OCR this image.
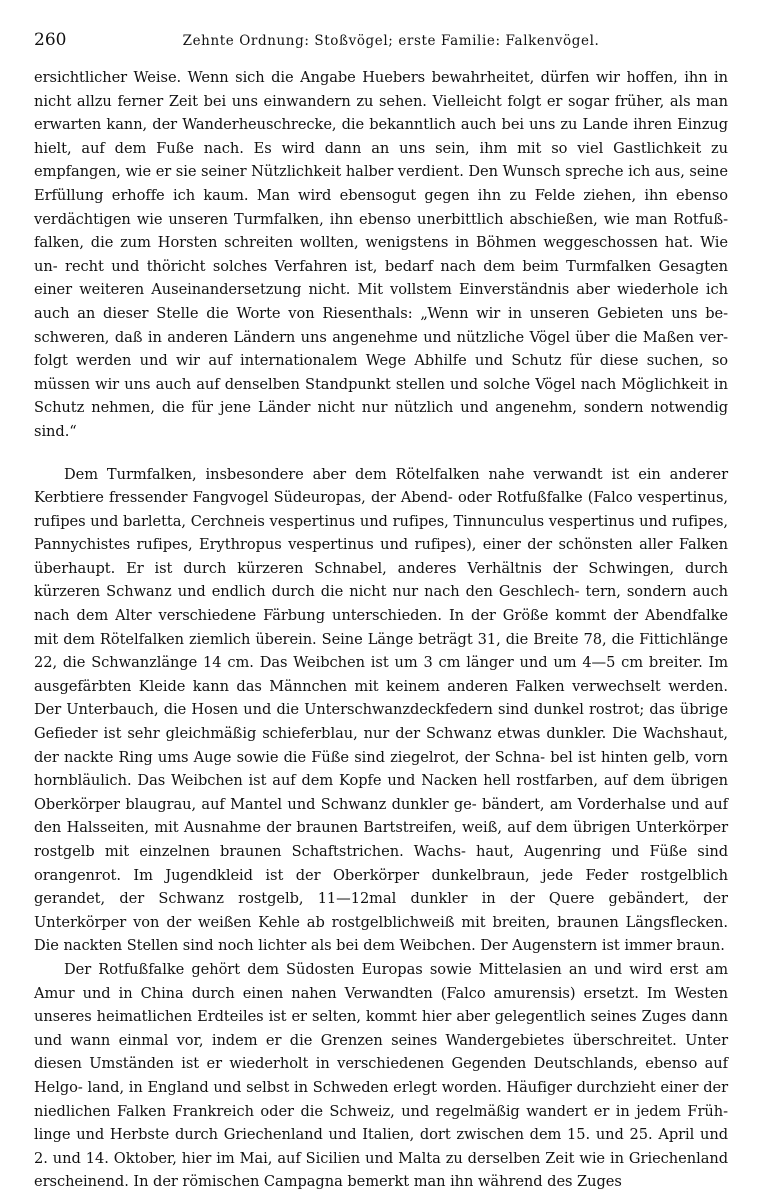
260	Zehnte Ordnung: Stoßvögel; erste Familie: Falkenvögel.

ersichtlicher Weise. Wenn sich die Angabe Huebers bewahrheitet, dürfen wir hoffen, ihn in nicht allzu ferner Zeit bei uns einwandern zu sehen. Vielleicht folgt er sogar früher, als man erwarten kann, der Wanderheuschrecke, die bekanntlich auch bei uns zu Lande ihren Einzug hielt, auf dem Fuße nach. Es wird dann an uns sein, ihm mit so viel Gastlichkeit zu empfangen, wie er sie seiner Nützlichkeit halber verdient. Den Wunsch spreche ich aus, seine Erfüllung erhoffe ich kaum. Man wird ebensogut gegen ihn zu Felde ziehen, ihn ebenso verdächtigen wie unseren Turmfalken, ihn ebenso unerbittlich abschießen, wie man Rotfuß- falken, die zum Horsten schreiten wollten, wenigstens in Böhmen weggeschossen hat. Wie un- recht und thöricht solches Verfahren ist, bedarf nach dem beim Turmfalken Gesagten einer weiteren Auseinandersetzung nicht. Mit vollstem Einverständnis aber wiederhole ich auch an dieser Stelle die Worte von Riesenthals: „Wenn wir in unseren Gebieten uns be- schweren, daß in anderen Ländern uns angenehme und nützliche Vögel über die Maßen ver- folgt werden und wir auf internationalem Wege Abhilfe und Schutz für diese suchen, so müssen wir uns auch auf denselben Standpunkt stellen und solche Vögel nach Möglichkeit in Schutz nehmen, die für jene Länder nicht nur nützlich und angenehm, sondern notwendig sind.“

Dem Turmfalken, insbesondere aber dem Rötelfalken nahe verwandt ist ein anderer Kerbtiere fressender Fangvogel Südeuropas, der Abend- oder Rotfußfalke (Falco vespertinus, rufipes und barletta, Cerchneis vespertinus und rufipes, Tinnunculus vespertinus und rufipes, Pannychistes rufipes, Erythropus vespertinus und rufipes), einer der schönsten aller Falken überhaupt. Er ist durch kürzeren Schnabel, anderes Verhältnis der Schwingen, durch kürzeren Schwanz und endlich durch die nicht nur nach den Geschlech- tern, sondern auch nach dem Alter verschiedene Färbung unterschieden. In der Größe kommt der Abendfalke mit dem Rötelfalken ziemlich überein. Seine Länge beträgt 31, die Breite 78, die Fittichlänge 22, die Schwanzlänge 14 cm. Das Weibchen ist um 3 cm länger und um 4—5 cm breiter. Im ausgefärbten Kleide kann das Männchen mit keinem anderen Falken verwechselt werden. Der Unterbauch, die Hosen und die Unterschwanzdeckfedern sind dunkel rostrot; das übrige Gefieder ist sehr gleichmäßig schieferblau, nur der Schwanz etwas dunkler. Die Wachshaut, der nackte Ring ums Auge sowie die Füße sind ziegelrot, der Schna- bel ist hinten gelb, vorn hornbläulich. Das Weibchen ist auf dem Kopfe und Nacken hell rostfarben, auf dem übrigen Oberkörper blaugrau, auf Mantel und Schwanz dunkler ge- bändert, am Vorderhalse und auf den Halsseiten, mit Ausnahme der braunen Bartstreifen, weiß, auf dem übrigen Unterkörper rostgelb mit einzelnen braunen Schaftstrichen. Wachs- haut, Augenring und Füße sind orangenrot. Im Jugendkleid ist der Oberkörper dunkelbraun, jede Feder rostgelblich gerandet, der Schwanz rostgelb, 11—12mal dunkler in der Quere gebändert, der Unterkörper von der weißen Kehle ab rostgelblichweiß mit breiten, braunen Längsflecken. Die nackten Stellen sind noch lichter als bei dem Weibchen. Der Augenstern ist immer braun.

Der Rotfußfalke gehört dem Südosten Europas sowie Mittelasien an und wird erst am Amur und in China durch einen nahen Verwandten (Falco amurensis) ersetzt. Im Westen unseres heimatlichen Erdteiles ist er selten, kommt hier aber gelegentlich seines Zuges dann und wann einmal vor, indem er die Grenzen seines Wandergebietes überschreitet. Unter diesen Umständen ist er wiederholt in verschiedenen Gegenden Deutschlands, ebenso auf Helgo- land, in England und selbst in Schweden erlegt worden. Häufiger durchzieht einer der niedlichen Falken Frankreich oder die Schweiz, und regelmäßig wandert er in jedem Früh- linge und Herbste durch Griechenland und Italien, dort zwischen dem 15. und 25. April und 2. und 14. Oktober, hier im Mai, auf Sicilien und Malta zu derselben Zeit wie in Griechenland erscheinend. In der römischen Campagna bemerkt man ihn während des Zuges
